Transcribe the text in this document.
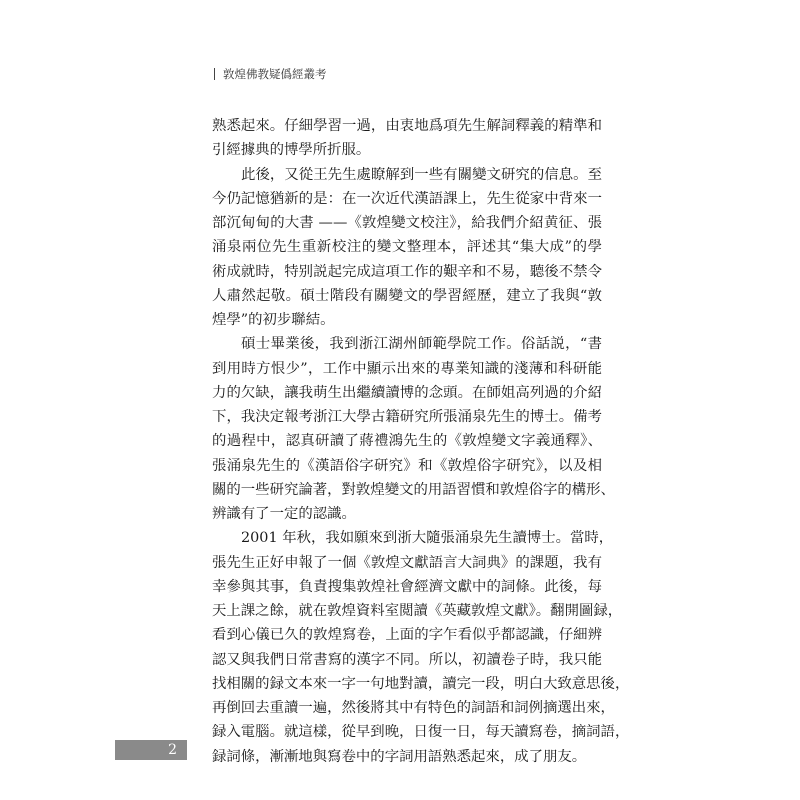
敦煌佛教疑僞經叢考
熟悉起來。仔細學習一過，由衷地爲項先生解詞釋義的精準和
引經據典的博學所折服。
此後，又從王先生處瞭解到一些有關變文研究的信息。至
今仍記憶猶新的是：在一次近代漢語課上，先生從家中背來一
部沉甸甸的大書 ——《敦煌變文校注》，給我們介紹黄征、張
涌泉兩位先生重新校注的變文整理本，評述其“集大成”的學
術成就時，特别説起完成這項工作的艱辛和不易，聽後不禁令
人肅然起敬。碩士階段有關變文的學習經歷，建立了我與“敦
煌學”的初步聯結。
碩士畢業後，我到浙江湖州師範學院工作。俗話説，“書
到用時方恨少”，工作中顯示出來的專業知識的淺薄和科研能
力的欠缺，讓我萌生出繼續讀博的念頭。在師姐高列過的介紹
下，我決定報考浙江大學古籍研究所張涌泉先生的博士。備考
的過程中，認真研讀了蔣禮鴻先生的《敦煌變文字義通釋》、
張涌泉先生的《漢語俗字研究》和《敦煌俗字研究》，以及相
關的一些研究論著，對敦煌變文的用語習慣和敦煌俗字的構形、
辨識有了一定的認識。
2001 年秋，我如願來到浙大隨張涌泉先生讀博士。當時，
張先生正好申報了一個《敦煌文獻語言大詞典》的課題，我有
幸參與其事，負責搜集敦煌社會經濟文獻中的詞條。此後，每
天上課之餘，就在敦煌資料室閲讀《英藏敦煌文獻》。翻開圖録，
看到心儀已久的敦煌寫卷，上面的字乍看似乎都認識，仔細辨
認又與我們日常書寫的漢字不同。所以，初讀卷子時，我只能
找相關的録文本來一字一句地對讀，讀完一段，明白大致意思後，
再倒回去重讀一遍，然後將其中有特色的詞語和詞例摘選出來，
録入電腦。就這樣，從早到晚，日復一日，每天讀寫卷，摘詞語，
録詞條，漸漸地與寫卷中的字詞用語熟悉起來，成了朋友。
2
